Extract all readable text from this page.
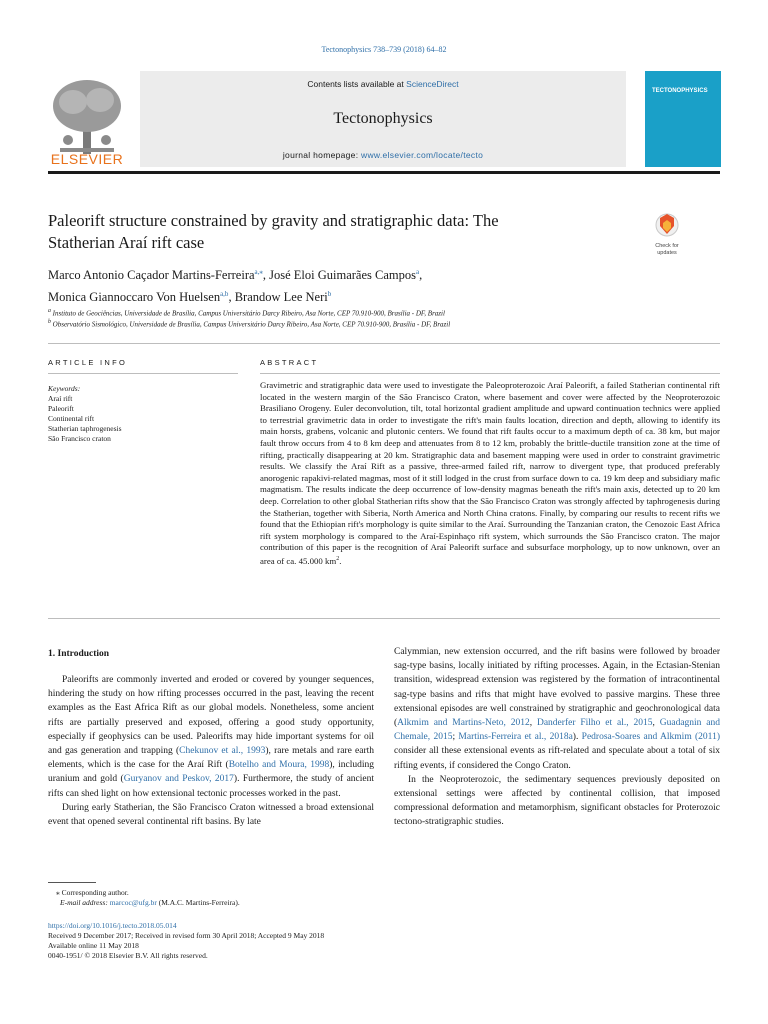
Tectonophysics 738–739 (2018) 64–82
ELSEVIER
Contents lists available at ScienceDirect
Tectonophysics
journal homepage: www.elsevier.com/locate/tecto
TECTONOPHYSICS
Paleorift structure constrained by gravity and stratigraphic data: The
Statherian Araí rift case	Check for
updates
Marco Antonio Caçador Martins-Ferreira$^{a,⁎}$, José Eloi Guimarães Campos$^a$,
Monica Giannoccaro Von Huelsen$^{a,b}$, Brandow Lee Neri$^b$
$^a$ Instituto de Geociências, Universidade de Brasília, Campus Universitário Darcy Ribeiro, Asa Norte, CEP 70.910-900, Brasília - DF, Brazil
$^b$ Observatório Sismológico, Universidade de Brasília, Campus Universitário Darcy Ribeiro, Asa Norte, CEP 70.910-900, Brasília - DF, Brazil
ARTICLE INFO	ABSTRACT
Keywords:
Araí rift
Paleorift
Continental rift
Statherian taphrogenesis
São Francisco craton
Gravimetric and stratigraphic data were used to investigate the Paleoproterozoic Araí Paleorift, a failed Statherian continental rift located in the western margin of the São Francisco Craton, where basement and cover were affected by the Neoproterozoic Brasiliano Orogeny. Euler deconvolution, tilt, total horizontal gradient amplitude and upward continuation technics were applied to terrestrial gravimetric data in order to investigate the rift's main faults location, direction and depth, allowing to identify its main horsts, grabens, volcanic and plutonic centers. We found that rift faults occur to a maximum depth of ca. 38 km, but major fault throw occurs from 4 to 8 km deep and attenuates from 8 to 12 km, probably the brittle-ductile transition zone at the time of rifting, practically disappearing at 20 km. Stratigraphic data and basement mapping were used in order to constraint gravimetric results. We classify the Araí Rift as a passive, three-armed failed rift, narrow to divergent type, that produced preferably anorogenic rapakivi-related magmas, most of it still lodged in the crust from surface down to ca. 19 km deep and subsidiary mafic magmatism. The results indicate the deep occurrence of low-density magmas beneath the rift's main axis, detected up to 20 km deep. Correlation to other global Statherian rifts show that the São Francisco Craton was strongly affected by taphrogenesis during the Statherian, together with Siberia, North America and North China cratons. Finally, by comparing our results to recent rifts we found that the Ethiopian rift's morphology is quite similar to the Araí. Surrounding the Tanzanian craton, the Cenozoic East Africa rift system morphology is compared to the Araí-Espinhaço rift system, which surrounds the São Francisco craton. The major contribution of this paper is the recognition of Araí Paleorift surface and subsurface morphology, up to now unknown, over an area of ca. 45.000 $km^2$.
1. Introduction

Paleorifts are commonly inverted and eroded or covered by younger sequences, hindering the study on how rifting processes occurred in the past, leaving the recent examples as the East Africa Rift as our global models. Nonetheless, some ancient rifts are partially preserved and exposed, offering a good study opportunity, especially if geophysics can be used. Paleorifts may hide important systems for oil and gas generation and trapping (Chekunov et al., 1993), rare metals and rare earth elements, which is the case for the Araí Rift (Botelho and Moura, 1998), including uranium and gold (Guryanov and Peskov, 2017). Furthermore, the study of ancient rifts can shed light on how extensional tectonic processes worked in the past.

During early Statherian, the São Francisco Craton witnessed a broad extensional event that opened several continental rift basins. By late

Calymmian, new extension occurred, and the rift basins were followed by broader sag-type basins, locally initiated by rifting processes. Again, in the Ectasian-Stenian transition, widespread extension was registered by the formation of intracontinental sag-type basins and rifts that might have evolved to passive margins. These three extensional episodes are well constrained by stratigraphic and geochronological data (Alkmim and Martins-Neto, 2012, Danderfer Filho et al., 2015, Guadagnin and Chemale, 2015; Martins-Ferreira et al., 2018a). Pedrosa-Soares and Alkmim (2011) consider all these extensional events as rift-related and speculate about a total of six rifting events, if considered the Congo Craton.

In the Neoproterozoic, the sedimentary sequences previously deposited on extensional settings were affected by continental collision, that imposed compressional deformation and metamorphism, significant obstacles for Proterozoic tectono-stratigraphic studies.

⁎ Corresponding author.
E-mail address: marcoc@ufg.br (M.A.C. Martins-Ferreira).
https://doi.org/10.1016/j.tecto.2018.05.014
Received 9 December 2017; Received in revised form 30 April 2018; Accepted 9 May 2018
Available online 11 May 2018
0040-1951/ © 2018 Elsevier B.V. All rights reserved.
